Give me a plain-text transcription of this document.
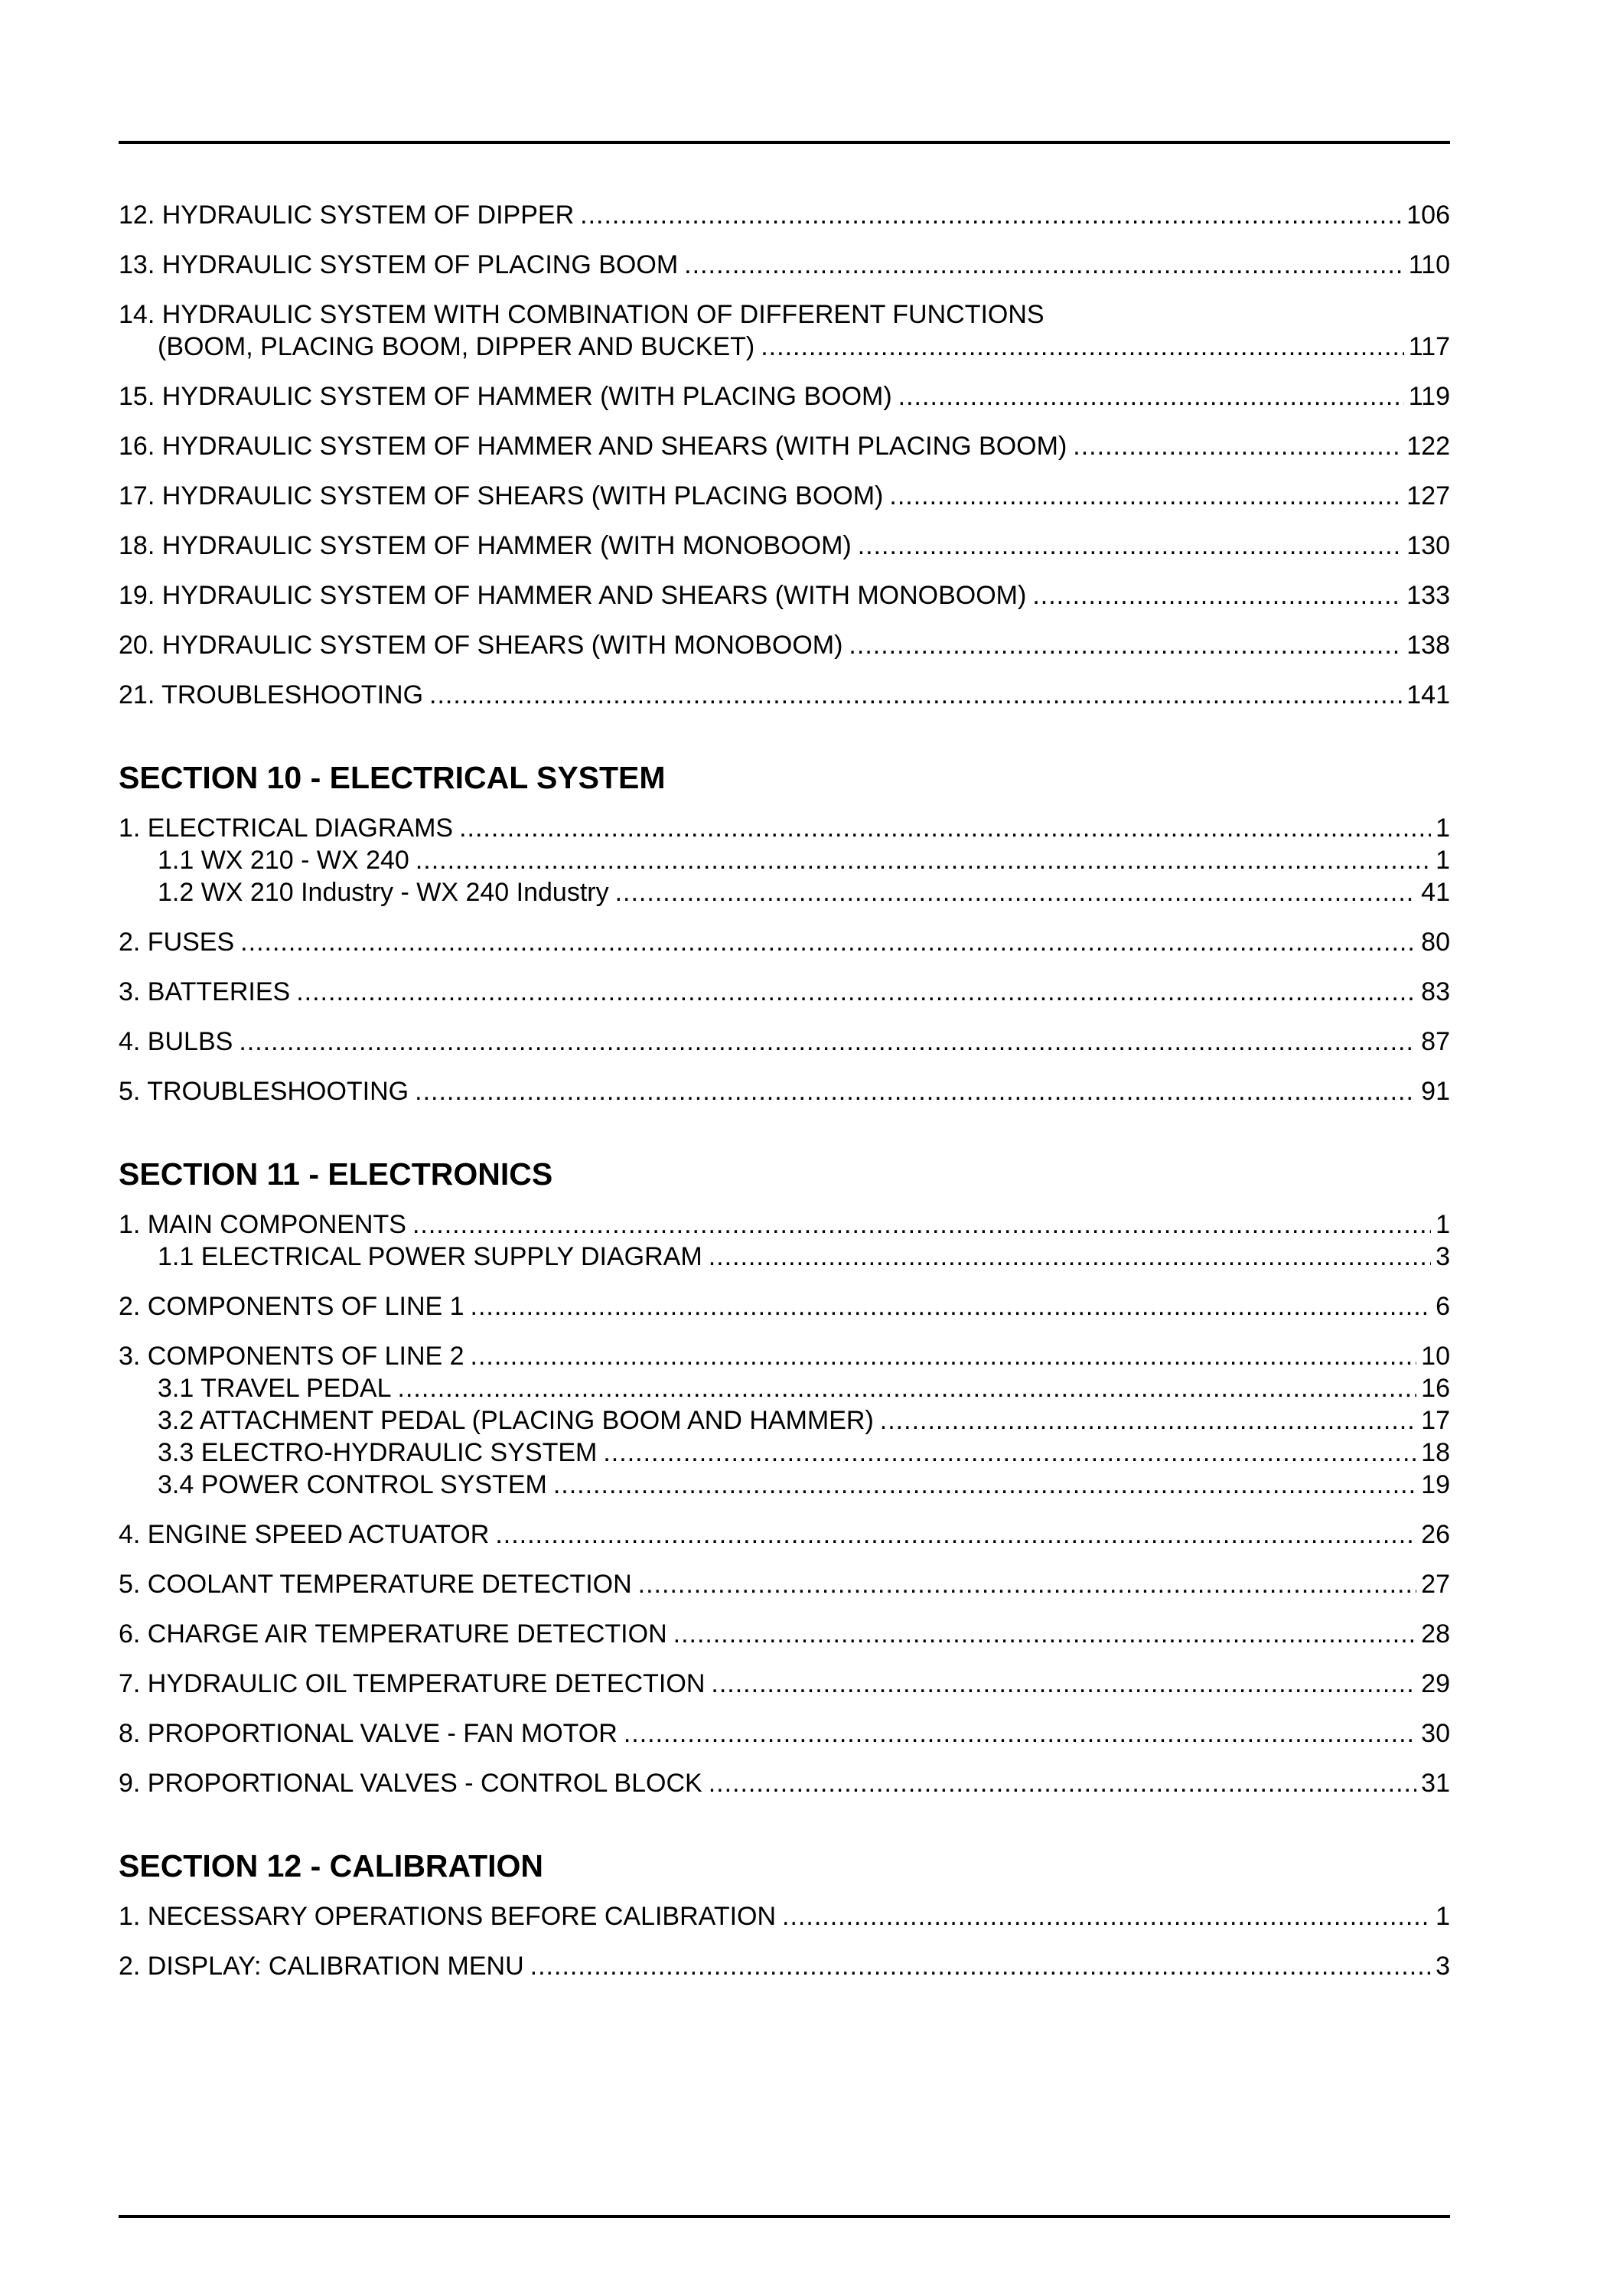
12. HYDRAULIC SYSTEM OF DIPPER .....	106
13. HYDRAULIC SYSTEM OF PLACING BOOM .....	110
14. HYDRAULIC SYSTEM WITH COMBINATION OF DIFFERENT FUNCTIONS
(BOOM, PLACING BOOM, DIPPER AND BUCKET) .....	117
15. HYDRAULIC SYSTEM OF HAMMER (WITH PLACING BOOM) .....	119
16. HYDRAULIC SYSTEM OF HAMMER AND SHEARS (WITH PLACING BOOM) .....	122
17. HYDRAULIC SYSTEM OF SHEARS (WITH PLACING BOOM) .....	127
18. HYDRAULIC SYSTEM OF HAMMER (WITH MONOBOOM) .....	130
19. HYDRAULIC SYSTEM OF HAMMER AND SHEARS (WITH MONOBOOM) .....	133
20. HYDRAULIC SYSTEM OF SHEARS (WITH MONOBOOM) .....	138
21. TROUBLESHOOTING .....	141
SECTION 10 - ELECTRICAL SYSTEM
1. ELECTRICAL DIAGRAMS .....	1
1.1 WX 210 - WX 240 .....	1
1.2 WX 210 Industry - WX 240 Industry .....	41
2. FUSES .....	80
3. BATTERIES .....	83
4. BULBS .....	87
5. TROUBLESHOOTING .....	91
SECTION 11 - ELECTRONICS
1. MAIN COMPONENTS .....	1
1.1 ELECTRICAL POWER SUPPLY DIAGRAM .....	3
2. COMPONENTS OF LINE 1 .....	6
3. COMPONENTS OF LINE 2 .....	10
3.1 TRAVEL PEDAL .....	16
3.2 ATTACHMENT PEDAL (PLACING BOOM AND HAMMER) .....	17
3.3 ELECTRO-HYDRAULIC SYSTEM .....	18
3.4 POWER CONTROL SYSTEM .....	19
4. ENGINE SPEED ACTUATOR .....	26
5. COOLANT TEMPERATURE DETECTION .....	27
6. CHARGE AIR TEMPERATURE DETECTION .....	28
7. HYDRAULIC OIL TEMPERATURE DETECTION .....	29
8. PROPORTIONAL VALVE - FAN MOTOR .....	30
9. PROPORTIONAL VALVES - CONTROL BLOCK .....	31
SECTION 12 - CALIBRATION
1. NECESSARY OPERATIONS BEFORE CALIBRATION .....	1
2. DISPLAY: CALIBRATION MENU .....	3
